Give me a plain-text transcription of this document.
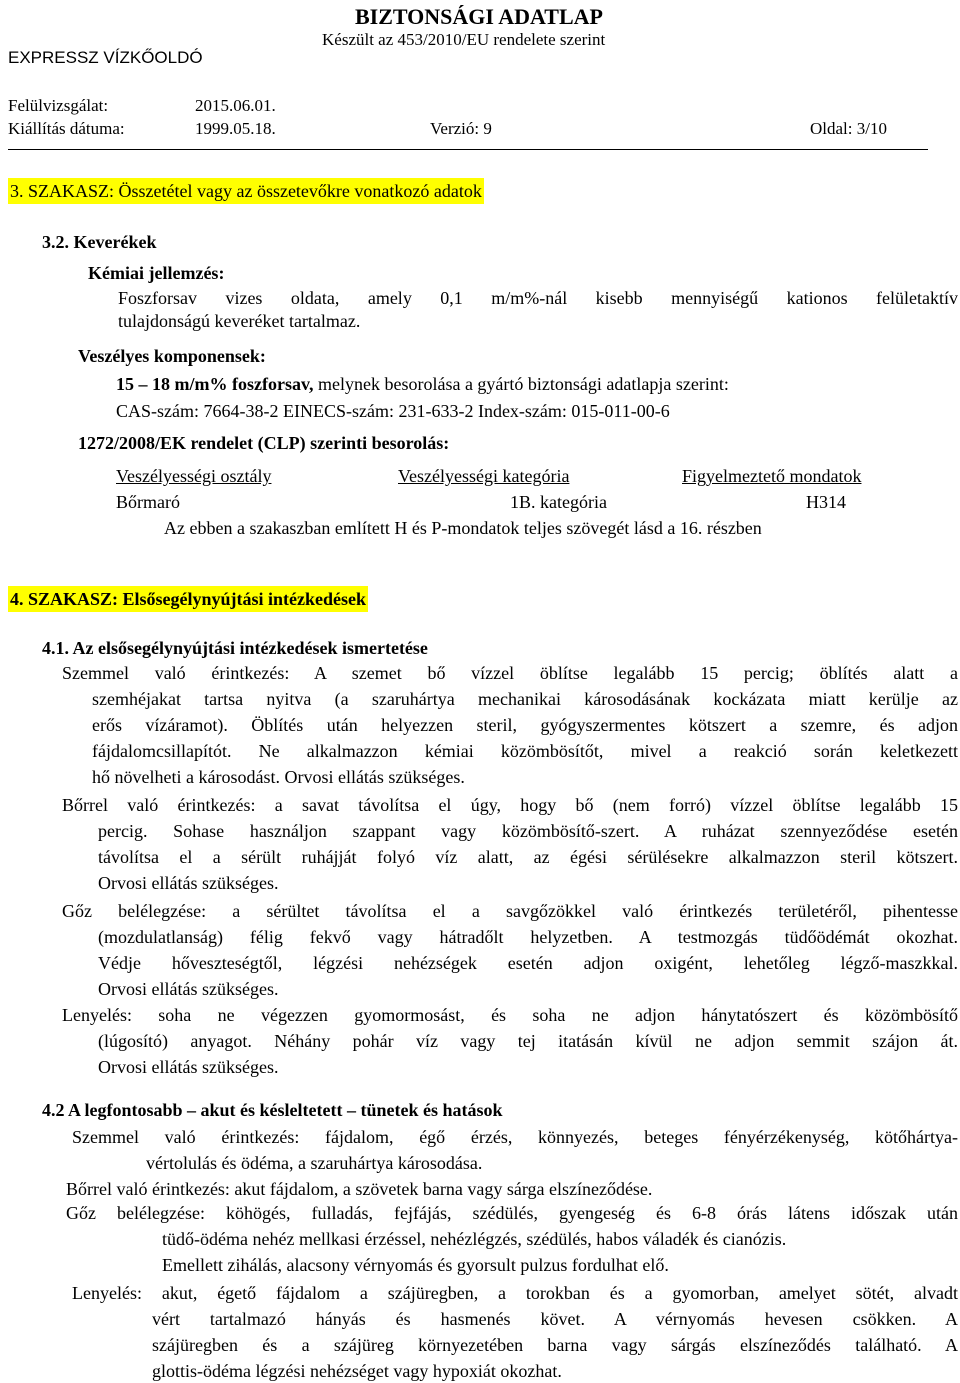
EXPRESSZ VÍZKŐOLDÓ
BIZTONSÁGI ADATLAP
Készült az 453/2010/EU rendelete szerint
Felülvizsgálat:	2015.06.01.
Kiállítás dátuma:	1999.05.18.	Verzió: 9	Oldal: 3/10
3. SZAKASZ: Összetétel vagy az összetevőkre vonatkozó adatok
3.2. Keverékek
Kémiai jellemzés:
Foszforsav vizes oldata, amely 0,1 m/m%-nál kisebb mennyiségű kationos felületaktív
tulajdonságú keveréket tartalmaz.
Veszélyes komponensek:
15 – 18 m/m% foszforsav, melynek besorolása a gyártó biztonsági adatlapja szerint:
CAS-szám: 7664-38-2 EINECS-szám: 231-633-2 Index-szám: 015-011-00-6
1272/2008/EK rendelet (CLP) szerinti besorolás:
Veszélyességi osztály	Veszélyességi kategória	Figyelmeztető mondatok
Bőrmaró	1B. kategória	H314
Az ebben a szakaszban említett H és P-mondatok teljes szövegét lásd a 16. részben
4. SZAKASZ: Elsősegélynyújtási intézkedések
4.1. Az elsősegélynyújtási intézkedések ismertetése
Szemmel való érintkezés: A szemet bő vízzel öblítse legalább 15 percig; öblítés alatt a
szemhéjakat tartsa nyitva (a szaruhártya mechanikai károsodásának kockázata miatt kerülje az
erős vízáramot). Öblítés után helyezzen steril, gyógyszermentes kötszert a szemre, és adjon
fájdalomcsillapítót. Ne alkalmazzon kémiai közömbösítőt, mivel a reakció során keletkezett
hő növelheti a károsodást. Orvosi ellátás szükséges.
Bőrrel való érintkezés: a savat távolítsa el úgy, hogy bő (nem forró) vízzel öblítse legalább 15
percig. Sohase használjon szappant vagy közömbösítő-szert. A ruházat szennyeződése esetén
távolítsa el a sérült ruhájját folyó víz alatt, az égési sérülésekre alkalmazzon steril kötszert.
Orvosi ellátás szükséges.
Gőz belélegzése: a sérültet távolítsa el a savgőzökkel való érintkezés területéről, pihentesse
(mozdulatlanság) félig fekvő vagy hátradőlt helyzetben. A testmozgás tüdőödémát okozhat.
Védje hőveszteségtől, légzési nehézségek esetén adjon oxigént, lehetőleg légző-maszkkal.
Orvosi ellátás szükséges.
Lenyelés: soha ne végezzen gyomormosást, és soha ne adjon hánytatószert és közömbösítő
(lúgosító) anyagot. Néhány pohár víz vagy tej itatásán kívül ne adjon semmit szájon át.
Orvosi ellátás szükséges.
4.2 A legfontosabb – akut és késleltetett – tünetek és hatások
Szemmel való érintkezés: fájdalom, égő érzés, könnyezés, beteges fényérzékenység, kötőhártya-
vértolulás és ödéma, a szaruhártya károsodása.
Bőrrel való érintkezés: akut fájdalom, a szövetek barna vagy sárga elszíneződése.
Gőz belélegzése: köhögés, fulladás, fejfájás, szédülés, gyengeség és 6-8 órás látens időszak után
tüdő-ödéma nehéz mellkasi érzéssel, nehézlégzés, szédülés, habos váladék és cianózis.
Emellett zihálás, alacsony vérnyomás és gyorsult pulzus fordulhat elő.
Lenyelés: akut, égető fájdalom a szájüregben, a torokban és a gyomorban, amelyet sötét, alvadt
vért tartalmazó hányás és hasmenés követ. A vérnyomás hevesen csökken. A
szájüregben és a szájüreg környezetében barna vagy sárgás elszíneződés található. A
glottis-ödéma légzési nehézséget vagy hypoxiát okozhat.
